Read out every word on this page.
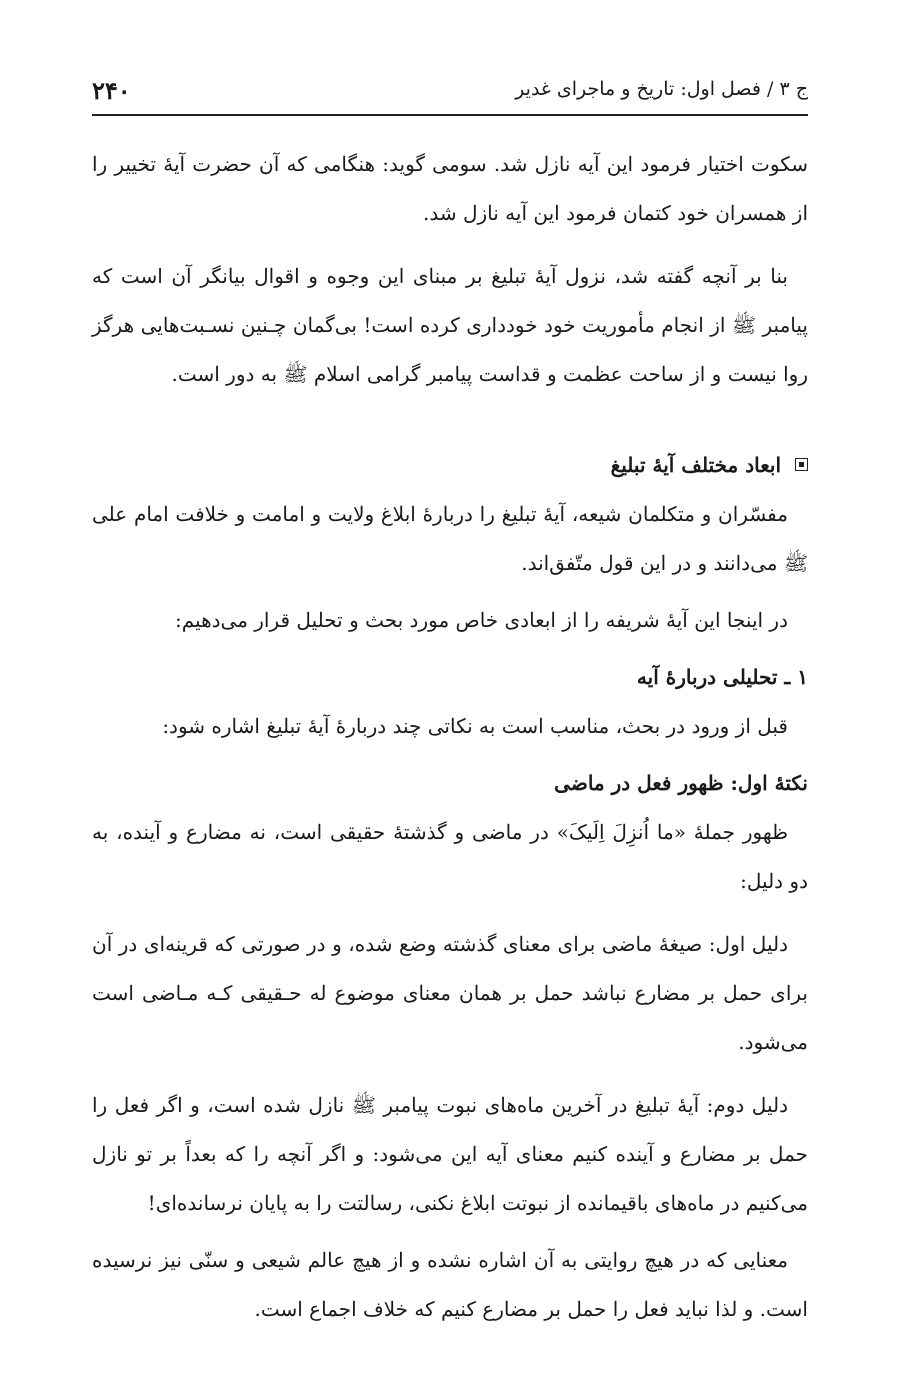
ج ۳ / فصل اول: تاریخ و ماجرای غدیر
۲۴۰

سکوت اختیار فرمود این آیه نازل شد. سومی گوید: هنگامی که آن حضرت آیهٔ تخییر را از همسران خود کتمان فرمود این آیه نازل شد.

بنا بر آنچه گفته شد، نزول آیهٔ تبلیغ بر مبنای این وجوه و اقوال بیانگر آن است که پیامبر ﷺ از انجام مأموریت خود خودداری کرده است! بی‌گمان چـنین نسـبت‌هایی هرگز روا نیست و از ساحت عظمت و قداست پیامبر گرامی اسلام ﷺ به دور است.

ابعاد مختلف آیهٔ تبلیغ

مفسّران و متکلمان شیعه، آیهٔ تبلیغ را دربارهٔ ابلاغ ولایت و امامت و خلافت امام علی ﷺ می‌دانند و در این قول متّفق‌اند.

در اینجا این آیهٔ شریفه را از ابعادی خاص مورد بحث و تحلیل قرار می‌دهیم:

۱ ـ تحلیلی دربارهٔ آیه

قبل از ورود در بحث، مناسب است به نکاتی چند دربارهٔ آیهٔ تبلیغ اشاره شود:

نکتهٔ اول: ظهور فعل در ماضی

ظهور جملهٔ «ما اُنزِلَ اِلَیکَ» در ماضی و گذشتهٔ حقیقی است، نه مضارع و آینده، به دو دلیل:

دلیل اول: صیغهٔ ماضی برای معنای گذشته وضع شده، و در صورتی که قرینه‌ای در آن برای حمل بر مضارع نباشد حمل بر همان معنای موضوع له حـقیقی کـه مـاضی است می‌شود.

دلیل دوم: آیهٔ تبلیغ در آخرین ماه‌های نبوت پیامبر ﷺ نازل شده است، و اگر فعل را حمل بر مضارع و آینده کنیم معنای آیه این می‌شود: و اگر آنچه را که بعداً بر تو نازل می‌کنیم در ماه‌های باقیمانده از نبوتت ابلاغ نکنی، رسالتت را به پایان نرسانده‌ای!

معنایی که در هیچ روایتی به آن اشاره نشده و از هیچ عالم شیعی و سنّی نیز نرسیده است. و لذا نباید فعل را حمل بر مضارع کنیم که خلاف اجماع است.
